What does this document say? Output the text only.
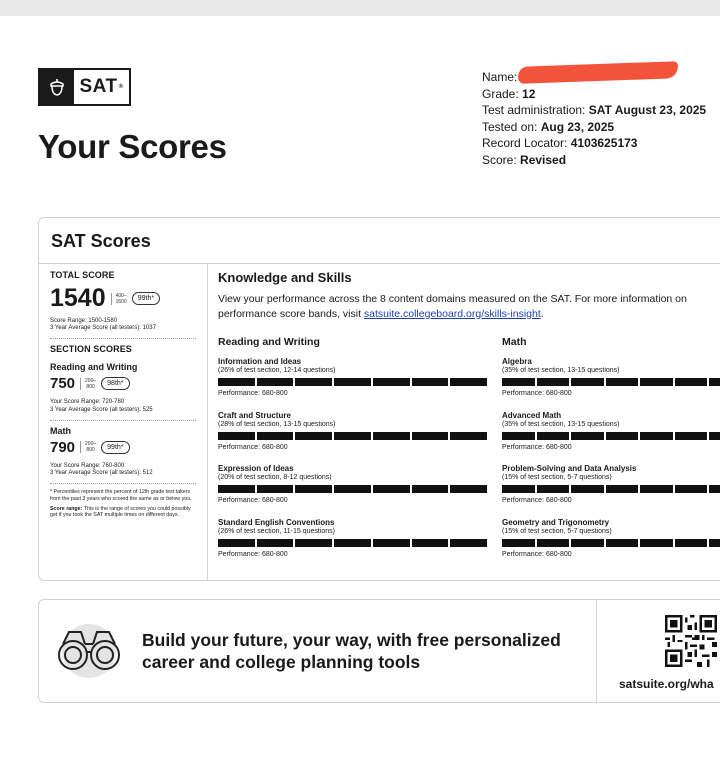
SAT ®
Your Scores
Name:
Grade: 12
Test administration: SAT August 23, 2025
Tested on: Aug 23, 2025
Record Locator: 4103625173
Score: Revised
SAT Scores
TOTAL SCORE
1540	400–
1600	99th*
Score Range: 1500-1580
3 Year Average Score (all testers): 1037
SECTION SCORES
Reading and Writing
750	200–
800	98th*
Your Score Range: 720-780
3 Year Average Score (all testers): 525
Math
790	200–
800	99th*
Your Score Range: 760-800
3 Year Average Score (all testers): 512
* Percentiles represent the percent of 12th grade test takers from the past 3 years who scored the same as or below you.
Score range: This is the range of scores you could possibly get if you took the SAT multiple times on different days.
Knowledge and Skills
View your performance across the 8 content domains measured on the SAT. For more information on performance score bands, visit satsuite.collegeboard.org/skills-insight.
Reading and Writing
Information and Ideas
(26% of test section, 12-14 questions)
Performance: 680-800
Craft and Structure
(28% of test section, 13-15 questions)
Performance: 680-800
Expression of Ideas
(20% of test section, 8-12 questions)
Performance: 680-800
Standard English Conventions
(26% of test section, 11-15 questions)
Performance: 680-800
Math
Algebra
(35% of test section, 13-15 questions)
Performance: 680-800
Advanced Math
(35% of test section, 13-15 questions)
Performance: 680-800
Problem-Solving and Data Analysis
(15% of test section, 5-7 questions)
Performance: 680-800
Geometry and Trigonometry
(15% of test section, 5-7 questions)
Performance: 680-800
Build your future, your way, with free personalized
career and college planning tools
satsuite.org/wha
